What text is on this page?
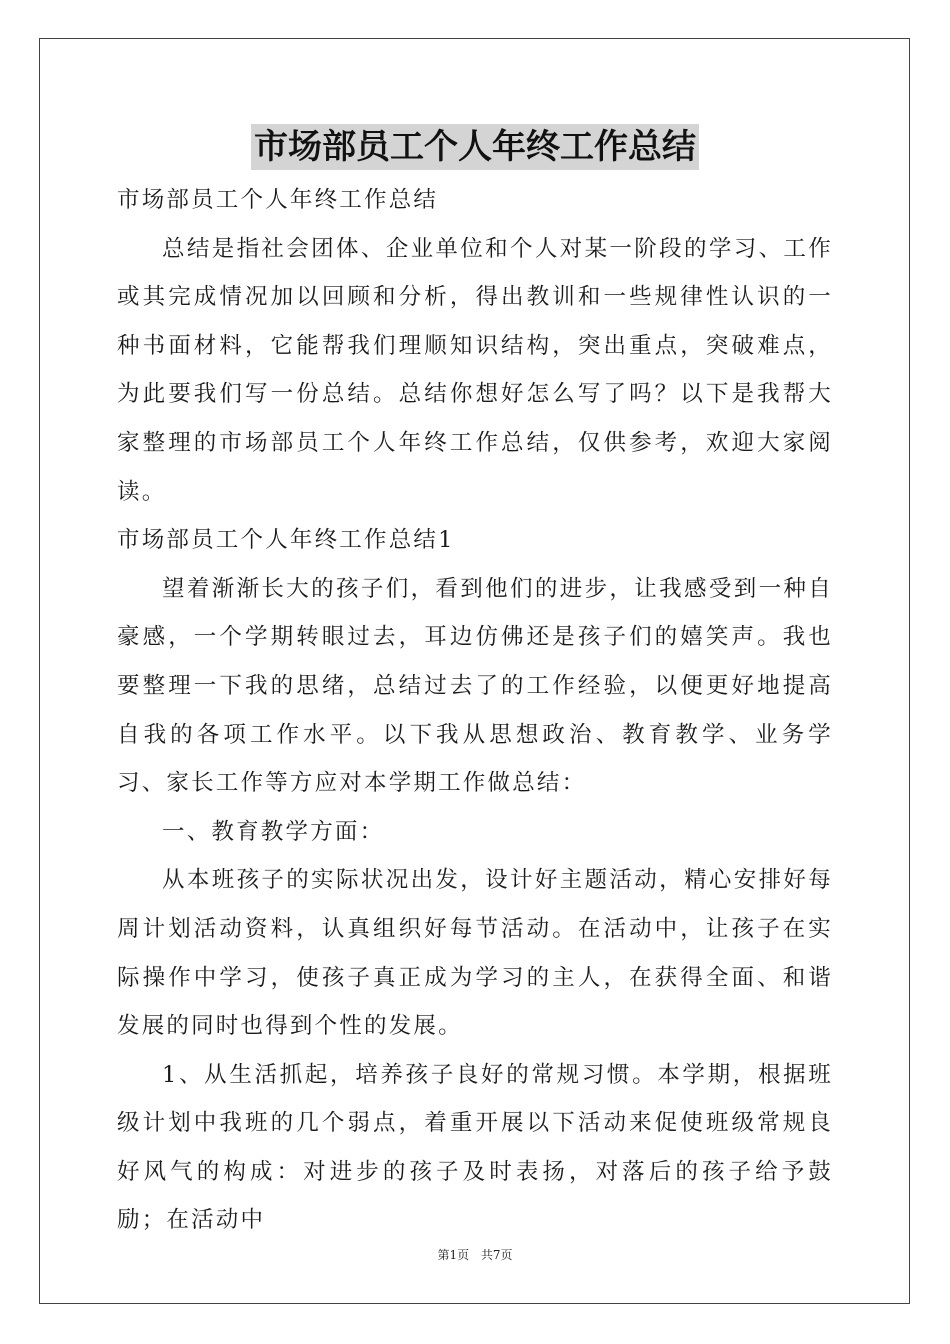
市场部员工个人年终工作总结

市场部员工个人年终工作总结

总结是指社会团体、企业单位和个人对某一阶段的学习、工作或其完成情况加以回顾和分析，得出教训和一些规律性认识的一种书面材料，它能帮我们理顺知识结构，突出重点，突破难点，为此要我们写一份总结。总结你想好怎么写了吗？以下是我帮大家整理的市场部员工个人年终工作总结，仅供参考，欢迎大家阅读。

市场部员工个人年终工作总结1

望着渐渐长大的孩子们，看到他们的进步，让我感受到一种自豪感，一个学期转眼过去，耳边仿佛还是孩子们的嬉笑声。我也要整理一下我的思绪，总结过去了的工作经验，以便更好地提高自我的各项工作水平。以下我从思想政治、教育教学、业务学习、家长工作等方应对本学期工作做总结：

一、教育教学方面：

从本班孩子的实际状况出发，设计好主题活动，精心安排好每周计划活动资料，认真组织好每节活动。在活动中，让孩子在实际操作中学习，使孩子真正成为学习的主人，在获得全面、和谐发展的同时也得到个性的发展。

1、从生活抓起，培养孩子良好的常规习惯。本学期，根据班级计划中我班的几个弱点，着重开展以下活动来促使班级常规良好风气的构成：对进步的孩子及时表扬，对落后的孩子给予鼓励；在活动中

第1页 共7页
